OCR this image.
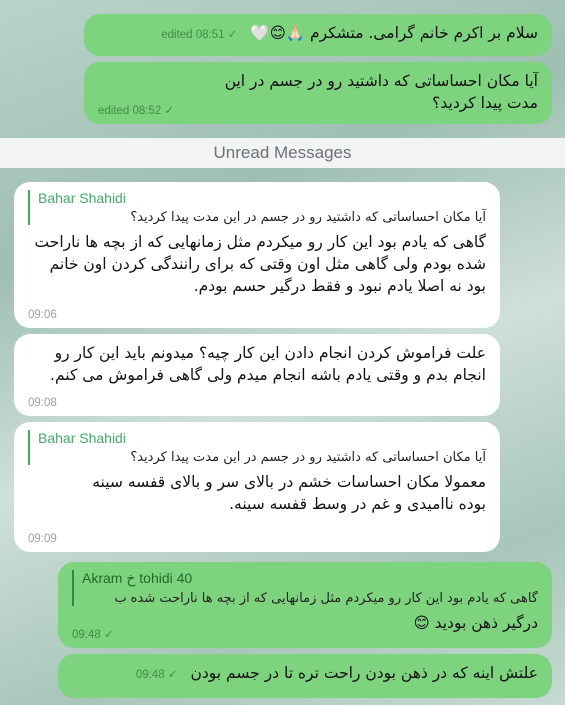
سلام بر اکرم خانم گرامی. متشکرم 🙏🏻😊🤍 edited 08:51 ✓
آیا مکان احساساتی که داشتید رو در جسم در این مدت پیدا کردید؟
edited 08:52 ✓
Unread Messages
Bahar Shahidi
آیا مکان احساساتی که داشتید رو در جسم در این مدت پیدا کردید؟
گاهی که یادم بود این کار رو میکردم مثل زمانهایی که از بچه ها ناراحت شده بودم ولی گاهی مثل اون وقتی که برای رانندگی کردن اون خانم بود نه اصلا یادم نبود و فقط درگیر حسم بودم.
09:06
علت فراموش کردن انجام دادن این کار چیه؟ میدونم باید این کار رو انجام بدم و وقتی یادم باشه انجام میدم ولی گاهی فراموش می کنم.
09:08
Bahar Shahidi
آیا مکان احساساتی که داشتید رو در جسم در این مدت پیدا کردید؟
معمولا مکان احساسات خشم در بالای سر و بالای قفسه سینه بوده ناامیدی و غم در وسط قفسه سینه.
09:09
Akram خ tohidi 40
گاهی که یادم بود این کار رو میکردم مثل زمانهایی که از بچه ها ناراحت شده ب
درگیر ذهن بودید 😊
09:48 ✓
علتش اینه که در ذهن بودن راحت تره تا در جسم بودن 09:48 ✓
